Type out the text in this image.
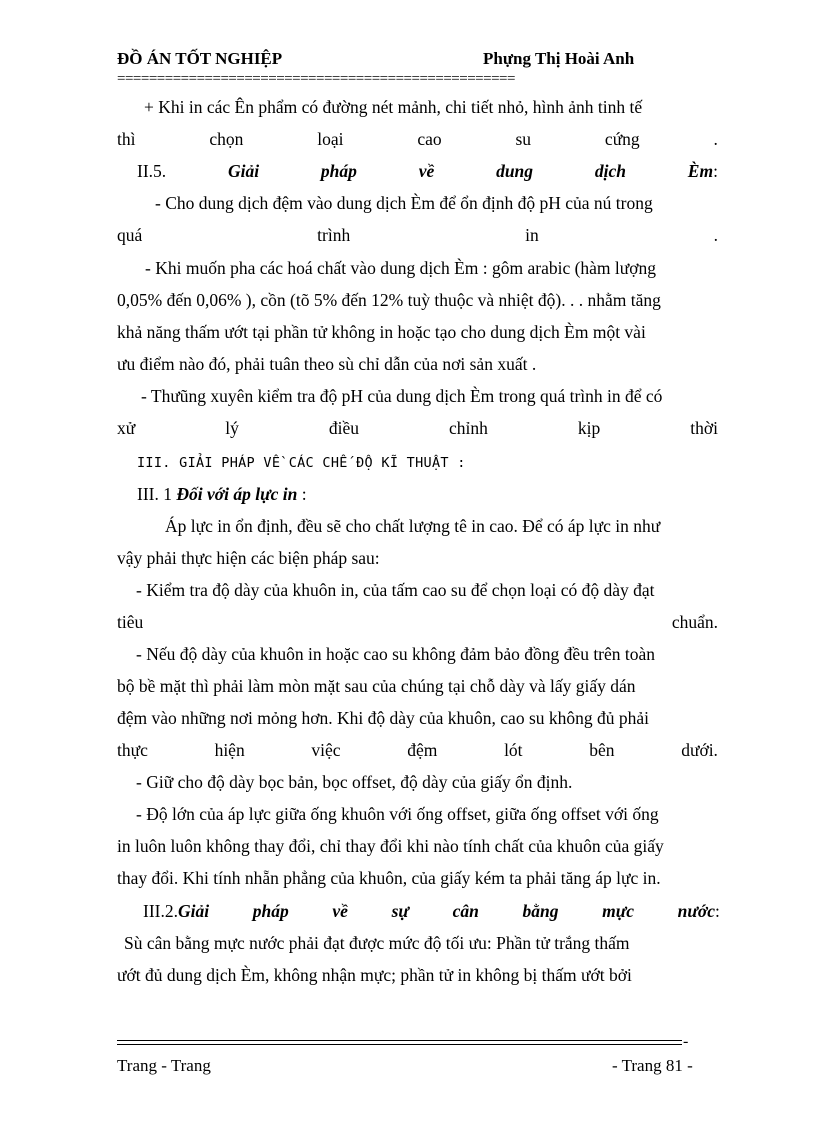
ĐỒ ÁN TỐT NGHIỆP	Phựng Thị Hoài Anh
==================================================
+ Khi in các Ên phẩm có đường nét mảnh, chi tiết nhỏ, hình ảnh tinh tế
thì	chọn	loại	cao	su	cứng	.
II.5.	Giải	pháp	về	dung	dịch	Èm:
- Cho dung dịch đệm vào dung dịch Èm để ổn định độ pH của nú trong
quá	trình	in	.
- Khi muốn pha các hoá chất vào dung dịch Èm : gôm arabic (hàm lượng
0,05% đến 0,06% ), cồn (tõ 5% đến 12% tuỳ thuộc và nhiệt độ). . . nhằm tăng
khả năng thấm ướt tại phần tử không in hoặc tạo cho dung dịch Èm một vài
ưu điểm nào đó, phải tuân theo sù chỉ dẫn của nơi sản xuất .
- Thưũng xuyên kiểm tra độ pH của dung dịch Èm trong quá trình in để có
xử	lý	điều	chỉnh	kịp	thời
III. GIẢI PHÁP VỀ CÁC CHẾ ĐỘ KĨ THUẬT :
III. 1 Đối với áp lực in :
Áp lực in ổn định, đều sẽ cho chất lượng tê in cao. Để có áp lực in như
vậy phải thực hiện các biện pháp sau:
- Kiểm tra độ dày của khuôn in, của tấm cao su để chọn loại có độ dày đạt
tiêu	chuẩn.
- Nếu độ dày của khuôn in hoặc cao su không đảm bảo đồng đều trên toàn
bộ bề mặt thì phải làm mòn mặt sau của chúng tại chỗ dày và lấy giấy dán
đệm vào những nơi mỏng hơn. Khi độ dày của khuôn, cao su không đủ phải
thực	hiện	việc	đệm	lót	bên	dưới.
- Giữ cho độ dày bọc bản, bọc offset, độ dày của giấy ổn định.
- Độ lớn của áp lực giữa ống khuôn với ống offset, giữa ống offset với ống
in luôn luôn không thay đổi, chỉ thay đổi khi nào tính chất của khuôn của giấy
thay đổi. Khi tính nhẵn phẳng của khuôn, của giấy kém ta phải tăng áp lực in.
III.2.Giải pháp về sự cân bằng mực nước:
Sù cân bằng mực nước phải đạt được mức độ tối ưu: Phần tử trắng thấm
ướt đủ dung dịch Èm, không nhận mực; phần tử in không bị thấm ướt bởi
-
Trang - Trang	- Trang 81 -
